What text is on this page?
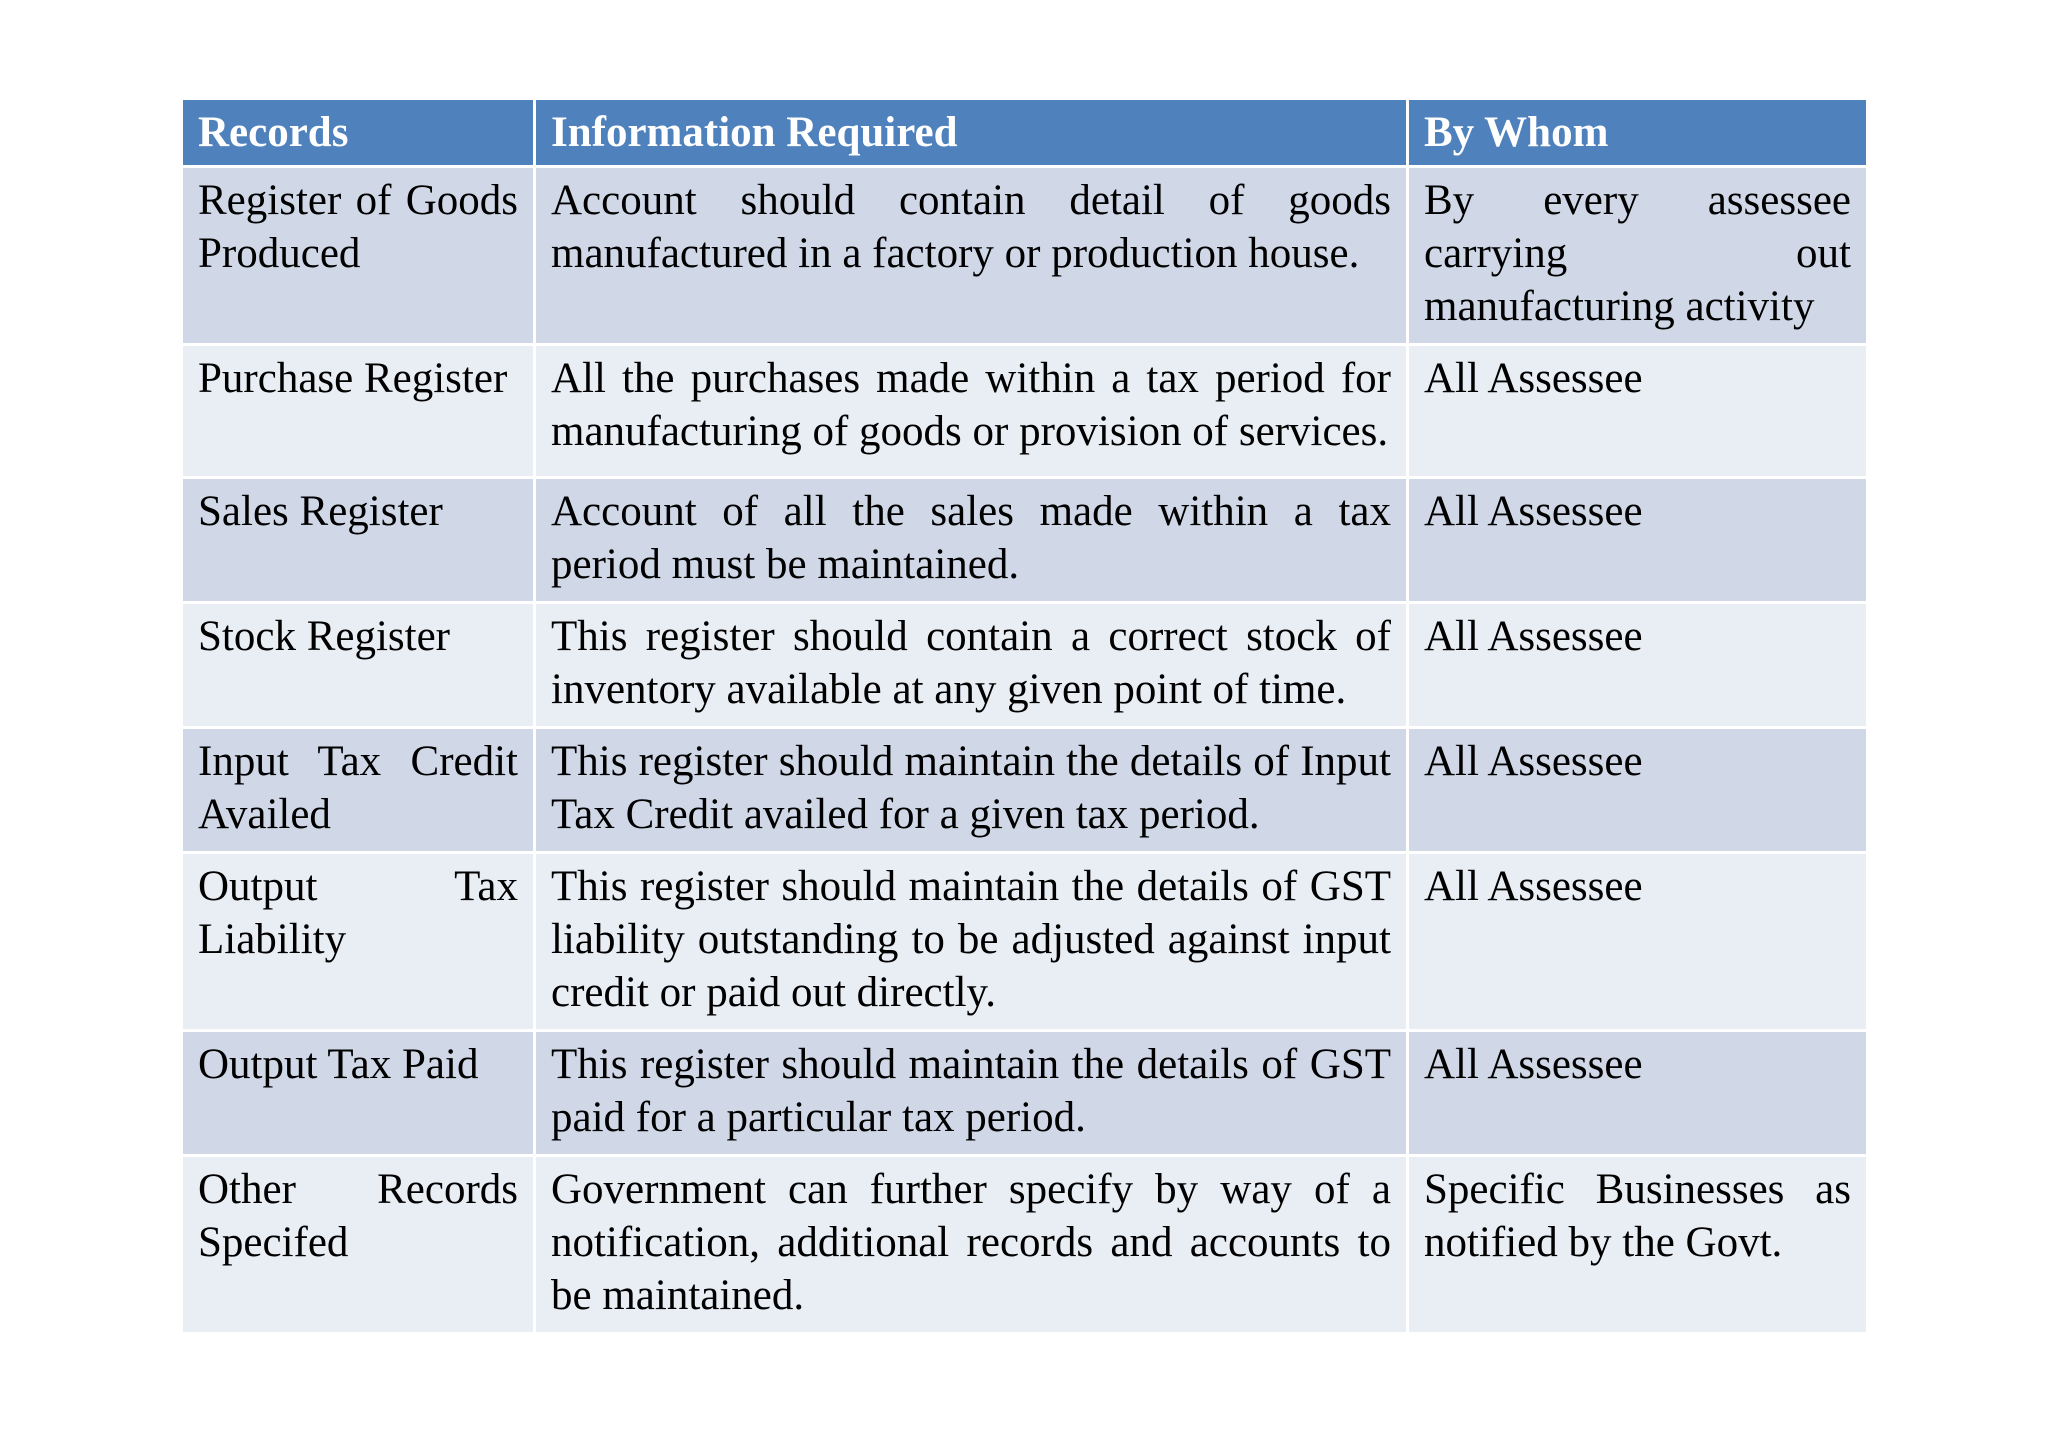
Records	Information Required	By Whom
Register of Goods Produced	Account should contain detail of goods manufactured in a factory or production house.	By every assessee carrying out manufacturing activity
Purchase Register	All the purchases made within a tax period for manufacturing of goods or provision of services.	All Assessee
Sales Register	Account of all the sales made within a tax period must be maintained.	All Assessee
Stock Register	This register should contain a correct stock of inventory available at any given point of time.	All Assessee
Input Tax Credit Availed	This register should maintain the details of Input Tax Credit availed for a given tax period.	All Assessee
Output Tax Liability	This register should maintain the details of GST liability outstanding to be adjusted against input credit or paid out directly.	All Assessee
Output Tax Paid	This register should maintain the details of GST paid for a particular tax period.	All Assessee
Other Records Specifed	Government can further specify by way of a notification, additional records and accounts to be maintained.	Specific Businesses as notified by the Govt.
